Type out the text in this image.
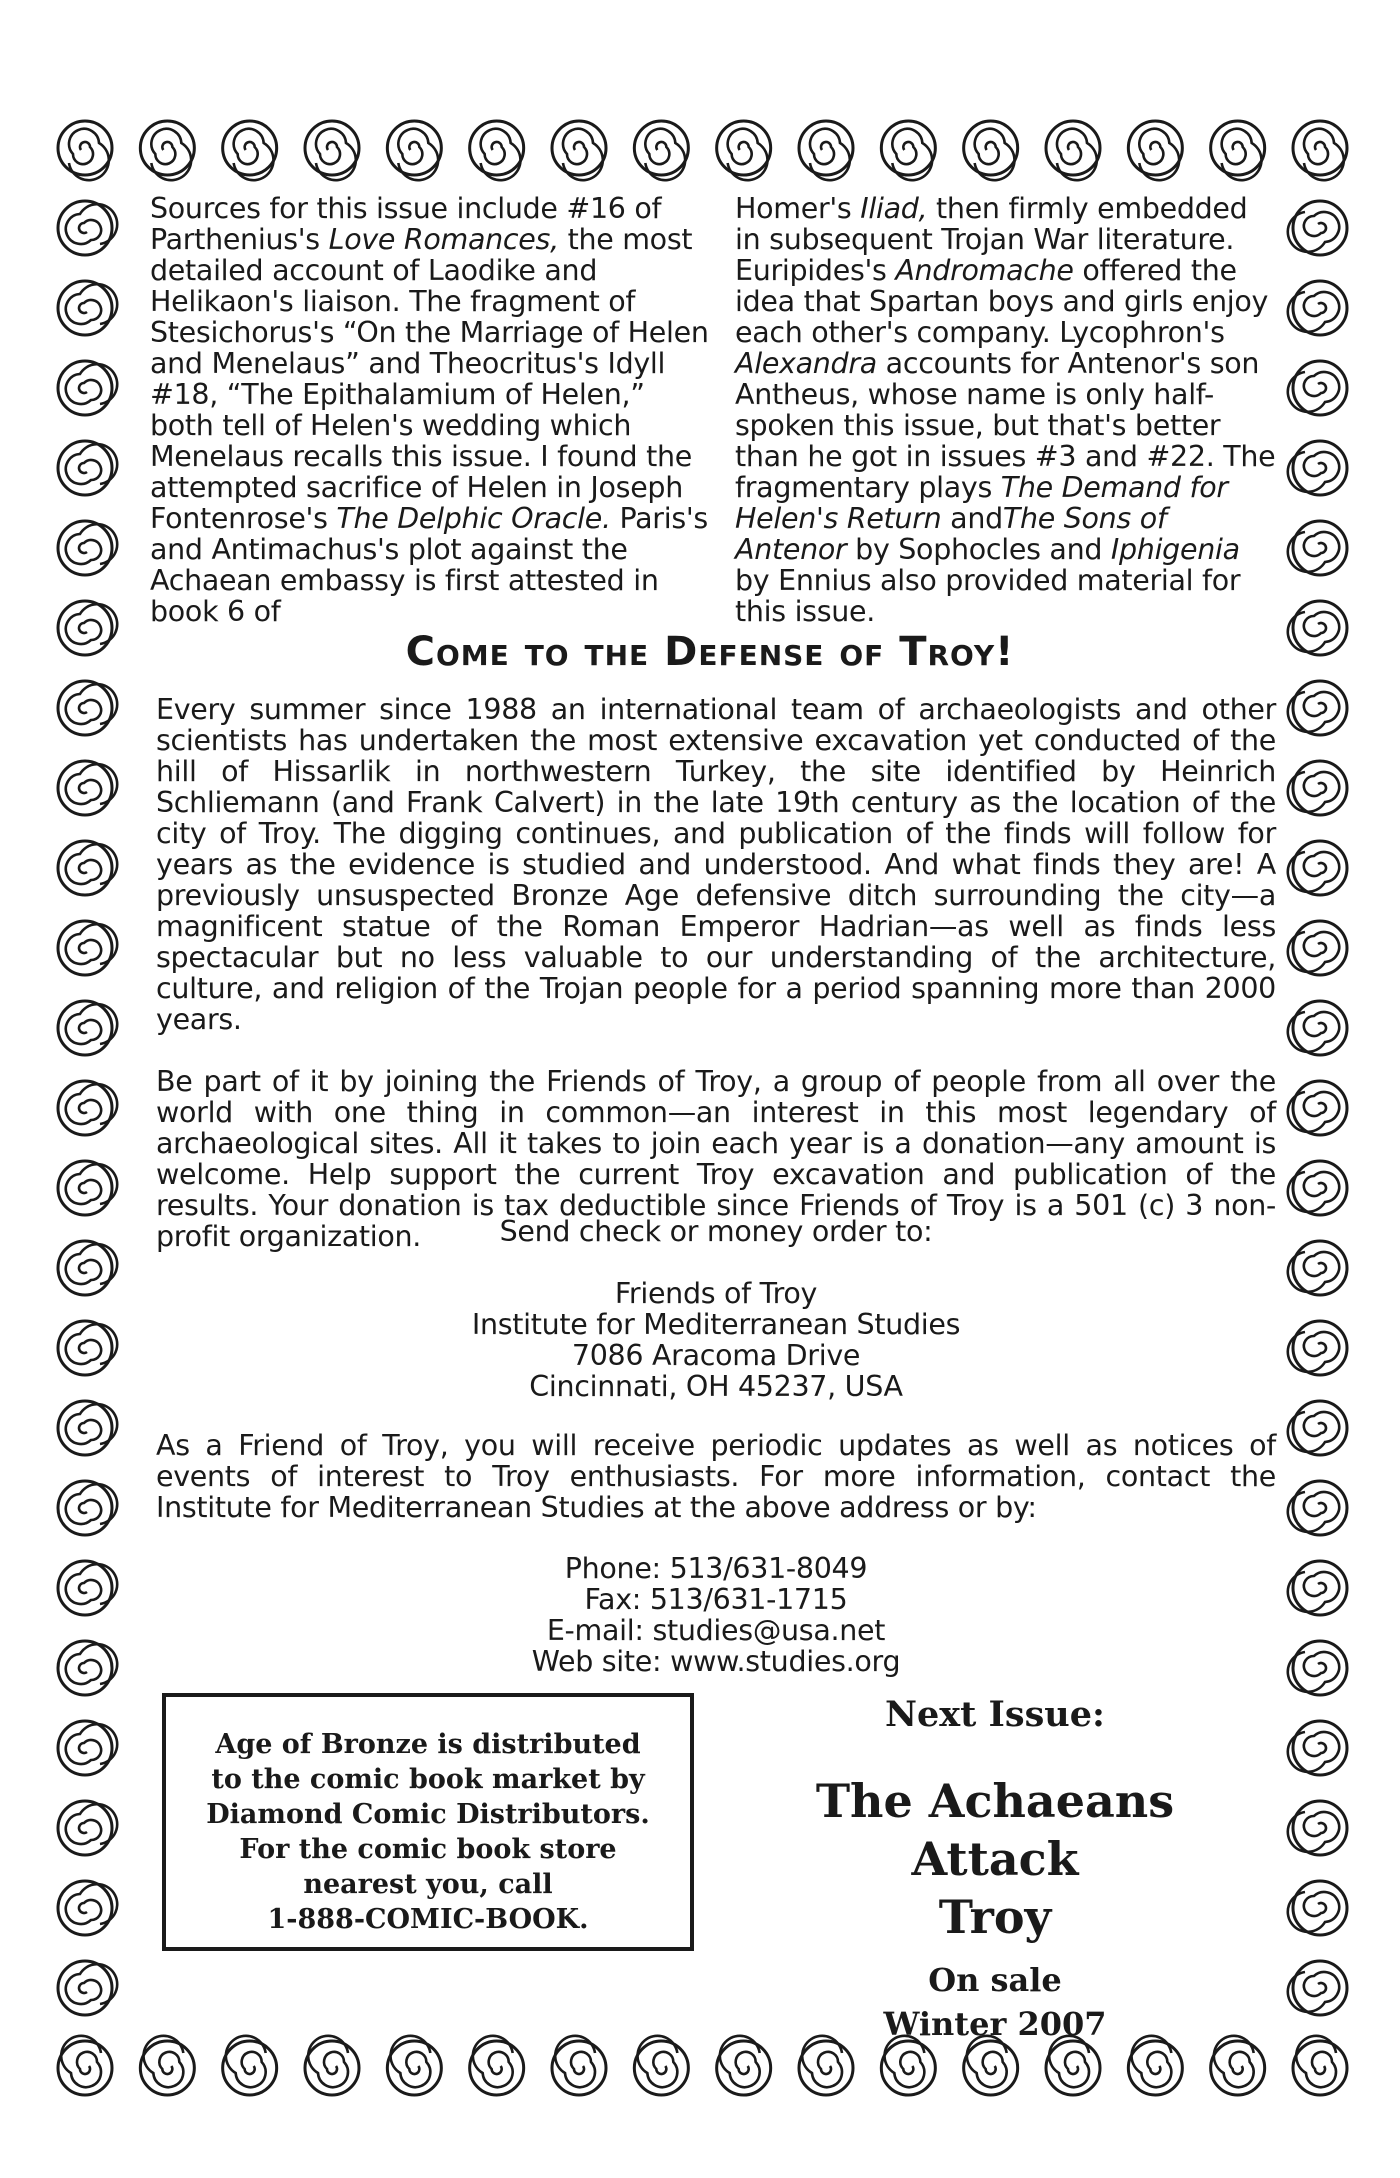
Sources for this issue include #16 of Parthenius's Love Romances, the most detailed account of Laodike and Helikaon's liaison. The fragment of Stesichorus's “On the Marriage of Helen and Menelaus” and Theocritus's Idyll #18, “The Epithalamium of Helen,” both tell of Helen's wedding which Menelaus recalls this issue. I found the attempted sacrifice of Helen in Joseph Fontenrose's The Delphic Oracle. Paris's and Antimachus's plot against the Achaean embassy is first attested in book 6 of

Homer's Iliad, then firmly embedded in subsequent Trojan War literature. Euripides's Andromache offered the idea that Spartan boys and girls enjoy each other's company. Lycophron's Alexandra accounts for Antenor's son Antheus, whose name is only half-spoken this issue, but that's better than he got in issues #3 and #22. The fragmentary plays The Demand for Helen's Return andThe Sons of Antenor by Sophocles and Iphigenia by Ennius also provided material for this issue.

Come to the Defense of Troy!

Every summer since 1988 an international team of archaeologists and other scientists has undertaken the most extensive excavation yet conducted of the hill of Hissarlik in northwestern Turkey, the site identified by Heinrich Schliemann (and Frank Calvert) in the late 19th century as the location of the city of Troy. The digging continues, and publication of the finds will follow for years as the evidence is studied and understood. And what finds they are! A previously unsuspected Bronze Age defensive ditch surrounding the city—a magnificent statue of the Roman Emperor Hadrian—as well as finds less spectacular but no less valuable to our understanding of the architecture, culture, and religion of the Trojan people for a period spanning more than 2000 years.

Be part of it by joining the Friends of Troy, a group of people from all over the world with one thing in common—an interest in this most legendary of archaeological sites. All it takes to join each year is a donation—any amount is welcome. Help support the current Troy excavation and publication of the results. Your donation is tax deductible since Friends of Troy is a 501 (c) 3 non-profit organization.	Send check or money order to:
Friends of Troy
Institute for Mediterranean Studies
7086 Aracoma Drive
Cincinnati, OH 45237, USA
As a Friend of Troy, you will receive periodic updates as well as notices of events of interest to Troy enthusiasts. For more information, contact the Institute for Mediterranean Studies at the above address or by:
Phone: 513/631-8049
Fax: 513/631-1715
E-mail: studies@usa.net
Web site: www.studies.org
Age of Bronze is distributed
to the comic book market by
Diamond Comic Distributors.
For the comic book store
nearest you, call
1-888-COMIC-BOOK.
Next Issue:
The Achaeans Attack
Troy
On sale
Winter 2007
